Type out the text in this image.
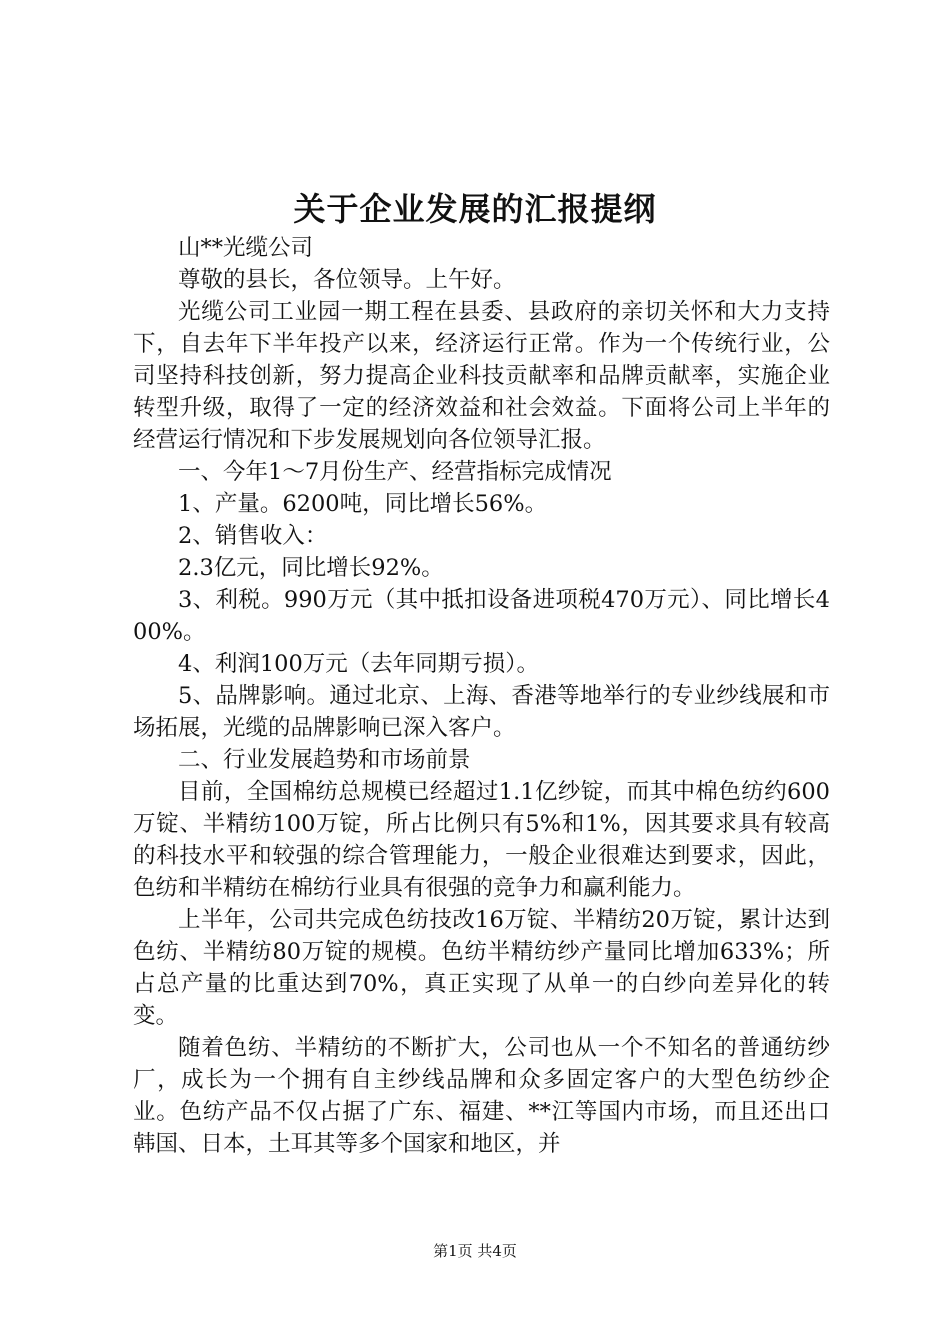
关于企业发展的汇报提纲

山**光缆公司

尊敬的县长，各位领导。上午好。

光缆公司工业园一期工程在县委、县政府的亲切关怀和大力支持下，自去年下半年投产以来，经济运行正常。作为一个传统行业，公司坚持科技创新，努力提高企业科技贡献率和品牌贡献率，实施企业转型升级，取得了一定的经济效益和社会效益。下面将公司上半年的经营运行情况和下步发展规划向各位领导汇报。

一、今年1～7月份生产、经营指标完成情况

1、产量。6200吨，同比增长56%。

2、销售收入：

2.3亿元，同比增长92%。

3、利税。990万元（其中抵扣设备进项税470万元）、同比增长400%。

4、利润100万元（去年同期亏损）。

5、品牌影响。通过北京、上海、香港等地举行的专业纱线展和市场拓展，光缆的品牌影响已深入客户。

二、行业发展趋势和市场前景

目前，全国棉纺总规模已经超过1.1亿纱锭，而其中棉色纺约600万锭、半精纺100万锭，所占比例只有5%和1%，因其要求具有较高的科技水平和较强的综合管理能力，一般企业很难达到要求，因此，色纺和半精纺在棉纺行业具有很强的竞争力和赢利能力。

上半年，公司共完成色纺技改16万锭、半精纺20万锭，累计达到色纺、半精纺80万锭的规模。色纺半精纺纱产量同比增加633%；所占总产量的比重达到70%，真正实现了从单一的白纱向差异化的转变。

随着色纺、半精纺的不断扩大，公司也从一个不知名的普通纺纱厂，成长为一个拥有自主纱线品牌和众多固定客户的大型色纺纱企业。色纺产品不仅占据了广东、福建、**江等国内市场，而且还出口韩国、日本，土耳其等多个国家和地区，并

第1页 共4页
